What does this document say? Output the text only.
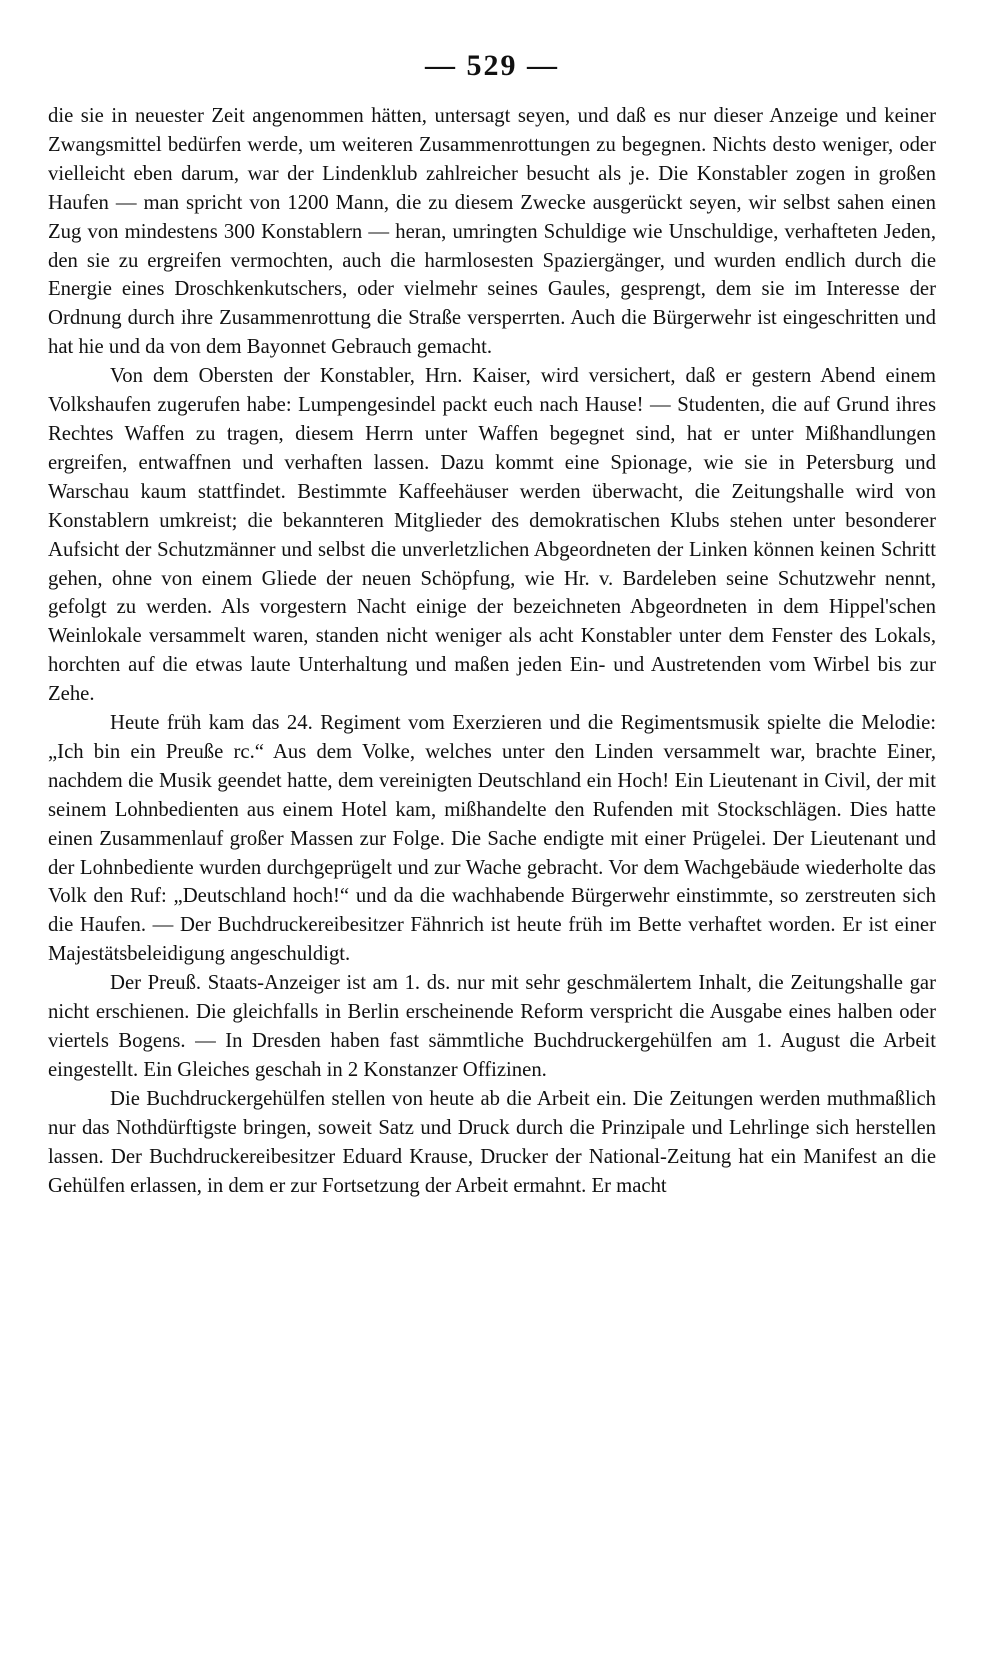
— 529 —

die sie in neuester Zeit angenommen hätten, untersagt seyen, und daß es nur dieser Anzeige und keiner Zwangsmittel bedürfen werde, um weiteren Zusammenrottungen zu begegnen. Nichts desto weniger, oder vielleicht eben darum, war der Lindenklub zahlreicher besucht als je. Die Konstabler zogen in großen Haufen — man spricht von 1200 Mann, die zu diesem Zwecke ausgerückt seyen, wir selbst sahen einen Zug von mindestens 300 Konstablern — heran, umringten Schuldige wie Unschuldige, verhafteten Jeden, den sie zu ergreifen vermochten, auch die harmlosesten Spaziergänger, und wurden endlich durch die Energie eines Droschkenkutschers, oder vielmehr seines Gaules, gesprengt, dem sie im Interesse der Ordnung durch ihre Zusammenrottung die Straße versperrten. Auch die Bürgerwehr ist eingeschritten und hat hie und da von dem Bayonnet Gebrauch gemacht.

Von dem Obersten der Konstabler, Hrn. Kaiser, wird versichert, daß er gestern Abend einem Volkshaufen zugerufen habe: Lumpengesindel packt euch nach Hause! — Studenten, die auf Grund ihres Rechtes Waffen zu tragen, diesem Herrn unter Waffen begegnet sind, hat er unter Mißhandlungen ergreifen, entwaffnen und verhaften lassen. Dazu kommt eine Spionage, wie sie in Petersburg und Warschau kaum stattfindet. Bestimmte Kaffeehäuser werden überwacht, die Zeitungshalle wird von Konstablern umkreist; die bekannteren Mitglieder des demokratischen Klubs stehen unter besonderer Aufsicht der Schutzmänner und selbst die unverletzlichen Abgeordneten der Linken können keinen Schritt gehen, ohne von einem Gliede der neuen Schöpfung, wie Hr. v. Bardeleben seine Schutzwehr nennt, gefolgt zu werden. Als vorgestern Nacht einige der bezeichneten Abgeordneten in dem Hippel'schen Weinlokale versammelt waren, standen nicht weniger als acht Konstabler unter dem Fenster des Lokals, horchten auf die etwas laute Unterhaltung und maßen jeden Ein- und Austretenden vom Wirbel bis zur Zehe.

Heute früh kam das 24. Regiment vom Exerzieren und die Regimentsmusik spielte die Melodie: „Ich bin ein Preuße rc.“ Aus dem Volke, welches unter den Linden versammelt war, brachte Einer, nachdem die Musik geendet hatte, dem vereinigten Deutschland ein Hoch! Ein Lieutenant in Civil, der mit seinem Lohnbedienten aus einem Hotel kam, mißhandelte den Rufenden mit Stockschlägen. Dies hatte einen Zusammenlauf großer Massen zur Folge. Die Sache endigte mit einer Prügelei. Der Lieutenant und der Lohnbediente wurden durchgeprügelt und zur Wache gebracht. Vor dem Wachgebäude wiederholte das Volk den Ruf: „Deutschland hoch!“ und da die wachhabende Bürgerwehr einstimmte, so zerstreuten sich die Haufen. — Der Buchdruckereibesitzer Fähnrich ist heute früh im Bette verhaftet worden. Er ist einer Majestätsbeleidigung angeschuldigt.

Der Preuß. Staats-Anzeiger ist am 1. ds. nur mit sehr geschmälertem Inhalt, die Zeitungshalle gar nicht erschienen. Die gleichfalls in Berlin erscheinende Reform verspricht die Ausgabe eines halben oder viertels Bogens. — In Dresden haben fast sämmtliche Buchdruckergehülfen am 1. August die Arbeit eingestellt. Ein Gleiches geschah in 2 Konstanzer Offizinen.

Die Buchdruckergehülfen stellen von heute ab die Arbeit ein. Die Zeitungen werden muthmaßlich nur das Nothdürftigste bringen, soweit Satz und Druck durch die Prinzipale und Lehrlinge sich herstellen lassen. Der Buchdruckereibesitzer Eduard Krause, Drucker der National-Zeitung hat ein Manifest an die Gehülfen erlassen, in dem er zur Fortsetzung der Arbeit ermahnt. Er macht
